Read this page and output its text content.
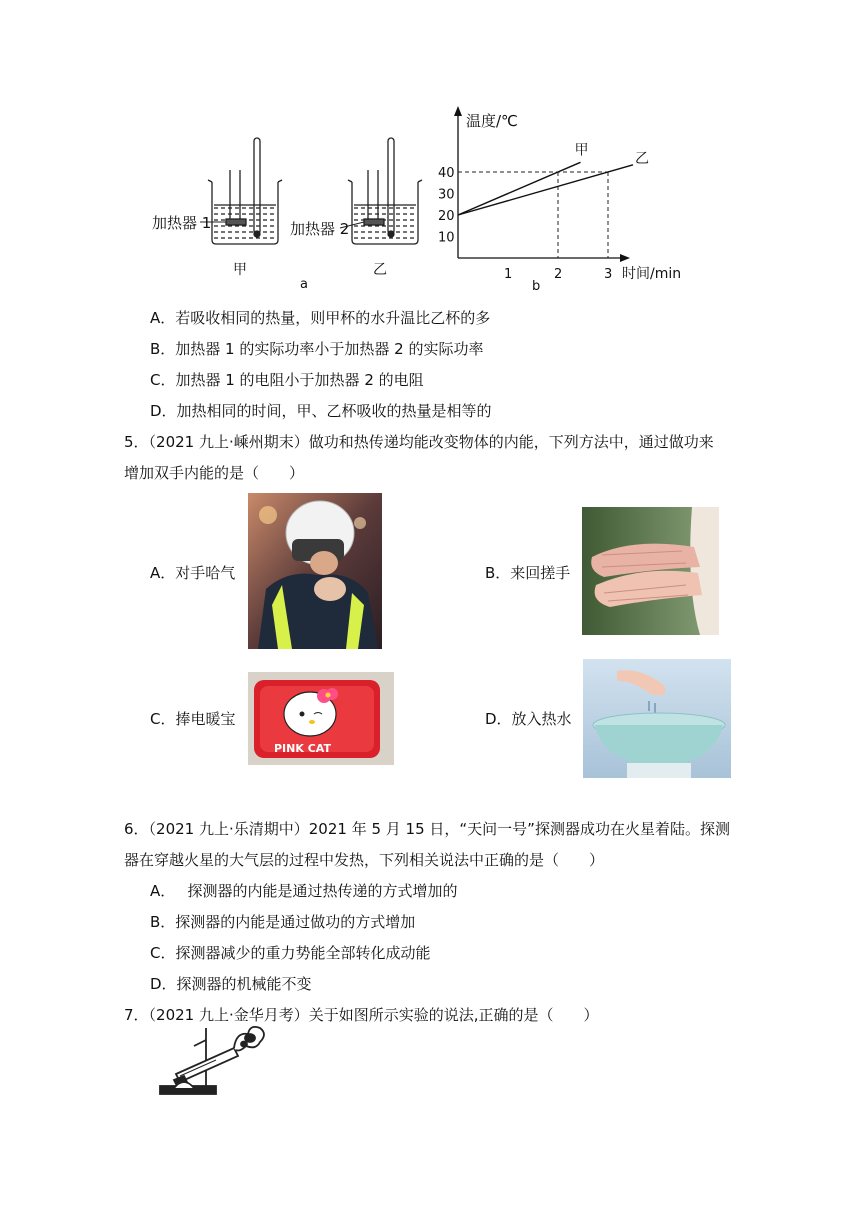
加热器 1	加热器 2
甲	乙
a
温度/℃
时间/min
b
10
20
30
40
1	2	3
甲
乙
A．若吸收相同的热量，则甲杯的水升温比乙杯的多
B．加热器 1 的实际功率小于加热器 2 的实际功率
C．加热器 1 的电阻小于加热器 2 的电阻
D．加热相同的时间，甲、乙杯吸收的热量是相等的
5．（2021 九上·嵊州期末）做功和热传递均能改变物体的内能，下列方法中，通过做功来
增加双手内能的是（　　）
A．对手哈气	B．来回搓手
C．捧电暖宝
PINK CAT
D．放入热水
6．（2021 九上·乐清期中）2021 年 5 月 15 日，“天问一号”探测器成功在火星着陆。探测
器在穿越火星的大气层的过程中发热，下列相关说法中正确的是（　　）
A．　 探测器的内能是通过热传递的方式增加的
B．探测器的内能是通过做功的方式增加
C．探测器减少的重力势能全部转化成动能
D．探测器的机械能不变
7．（2021 九上·金华月考）关于如图所示实验的说法,正确的是（　　）
